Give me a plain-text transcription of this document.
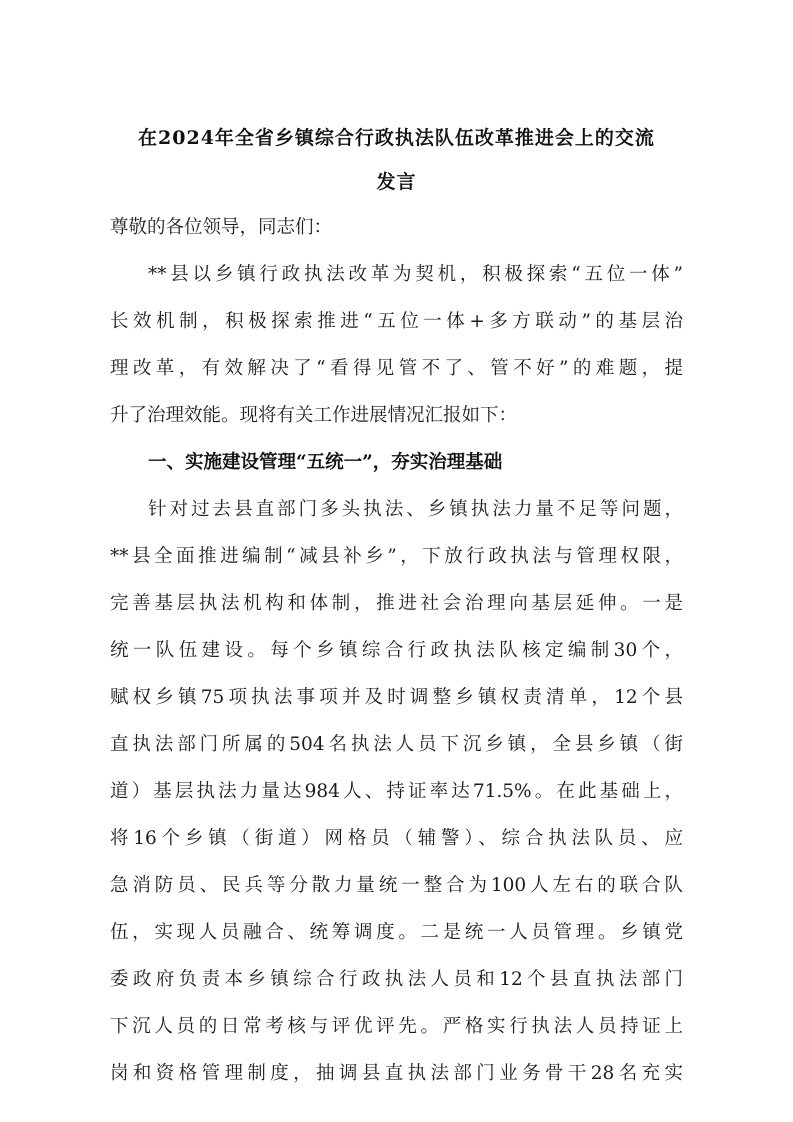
在2024年全省乡镇综合行政执法队伍改革推进会上的交流
发言
尊敬的各位领导，同志们：
**县以乡镇行政执法改革为契机，积极探索“五位一体”
长效机制，积极探索推进“五位一体+多方联动”的基层治
理改革，有效解决了“看得见管不了、管不好”的难题，提
升了治理效能。现将有关工作进展情况汇报如下：
一、实施建设管理“五统一”，夯实治理基础
针对过去县直部门多头执法、乡镇执法力量不足等问题，
**县全面推进编制“减县补乡”，下放行政执法与管理权限，
完善基层执法机构和体制，推进社会治理向基层延伸。一是
统一队伍建设。每个乡镇综合行政执法队核定编制30个，
赋权乡镇75项执法事项并及时调整乡镇权责清单，12个县
直执法部门所属的504名执法人员下沉乡镇，全县乡镇（街
道）基层执法力量达984人、持证率达71.5%。在此基础上，
将16个乡镇（街道）网格员（辅警）、综合执法队员、应
急消防员、民兵等分散力量统一整合为100人左右的联合队
伍，实现人员融合、统筹调度。二是统一人员管理。乡镇党
委政府负责本乡镇综合行政执法人员和12个县直执法部门
下沉人员的日常考核与评优评先。严格实行执法人员持证上
岗和资格管理制度，抽调县直执法部门业务骨干28名充实
